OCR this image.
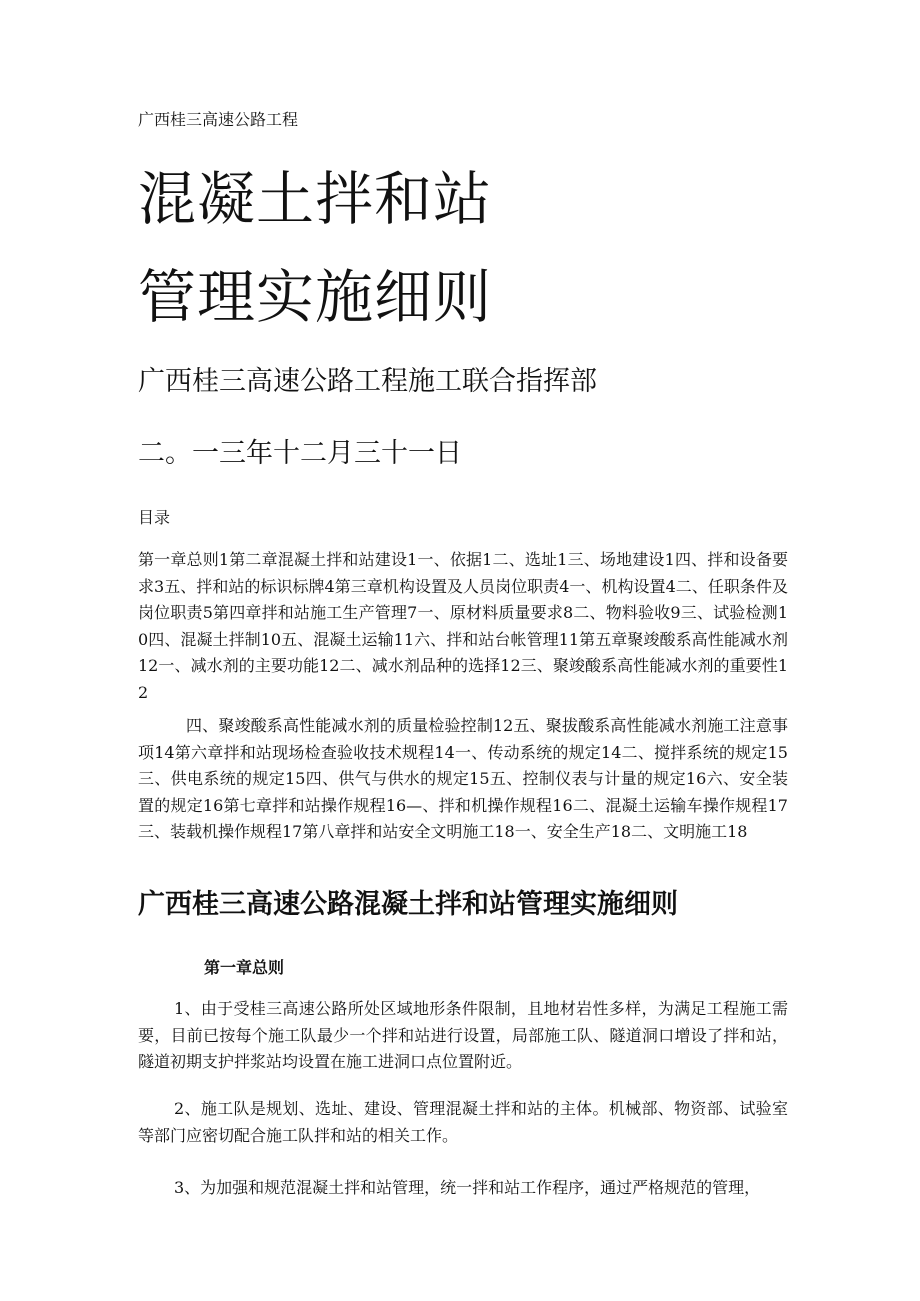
广西桂三高速公路工程

混凝土拌和站
管理实施细则

广西桂三高速公路工程施工联合指挥部

二。一三年十二月三十一日

目录

第一章总则1第二章混凝土拌和站建设1一、依据1二、选址1三、场地建设1四、拌和设备要求3五、拌和站的标识标牌4第三章机构设置及人员岗位职责4一、机构设置4二、任职条件及岗位职责5第四章拌和站施工生产管理7一、原材料质量要求8二、物料验收9三、试验检测10四、混凝土拌制10五、混凝土运输11六、拌和站台帐管理11第五章聚竣酸系高性能减水剂12一、减水剂的主要功能12二、减水剂品种的选择12三、聚竣酸系高性能减水剂的重要性12

四、聚竣酸系高性能减水剂的质量检验控制12五、聚拔酸系高性能减水剂施工注意事项14第六章拌和站现场检查验收技术规程14一、传动系统的规定14二、搅拌系统的规定15三、供电系统的规定15四、供气与供水的规定15五、控制仪表与计量的规定16六、安全装置的规定16第七章拌和站操作规程16—、拌和机操作规程16二、混凝土运输车操作规程17三、装载机操作规程17第八章拌和站安全文明施工18一、安全生产18二、文明施工18

广西桂三高速公路混凝土拌和站管理实施细则
第一章总则

1、由于受桂三高速公路所处区域地形条件限制，且地材岩性多样，为满足工程施工需要，目前已按每个施工队最少一个拌和站进行设置，局部施工队、隧道洞口增设了拌和站，隧道初期支护拌浆站均设置在施工进洞口点位置附近。

2、施工队是规划、选址、建设、管理混凝土拌和站的主体。机械部、物资部、试验室等部门应密切配合施工队拌和站的相关工作。

3、为加强和规范混凝土拌和站管理，统一拌和站工作程序，通过严格规范的管理，
